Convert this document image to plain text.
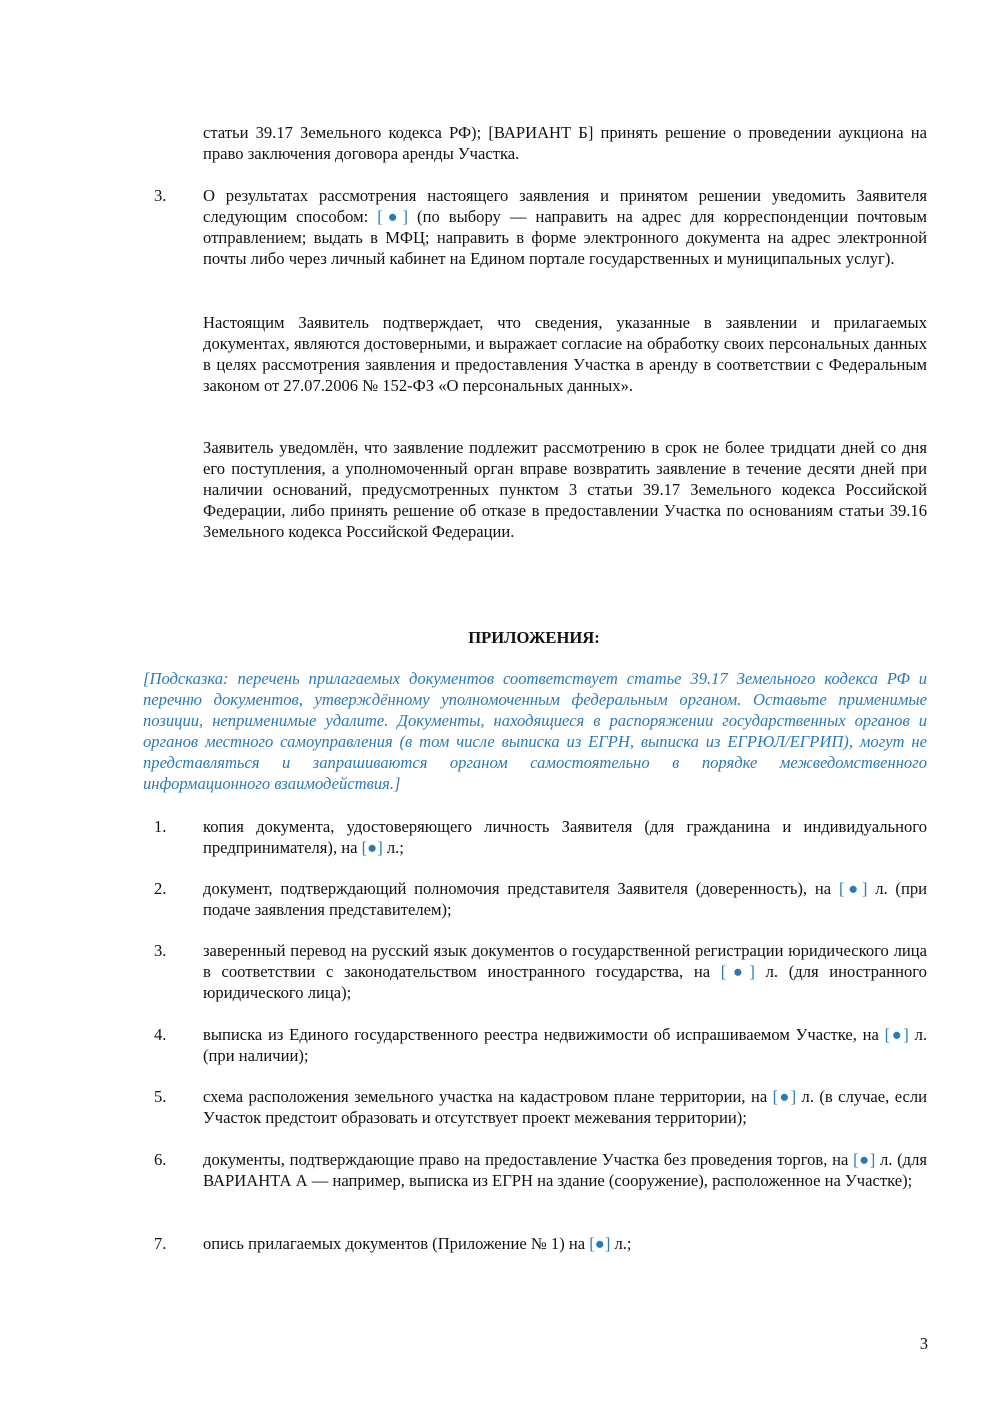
статьи 39.17 Земельного кодекса РФ); [ВАРИАНТ Б] принять решение о проведении аукциона на право заключения договора аренды Участка.

3.	О результатах рассмотрения настоящего заявления и принятом решении уведомить Заявителя следующим способом: [●] (по выбору — направить на адрес для корреспонденции почтовым отправлением; выдать в МФЦ; направить в форме электронного документа на адрес электронной почты либо через личный кабинет на Едином портале государственных и муниципальных услуг).

Настоящим Заявитель подтверждает, что сведения, указанные в заявлении и прилагаемых документах, являются достоверными, и выражает согласие на обработку своих персональных данных в целях рассмотрения заявления и предоставления Участка в аренду в соответствии с Федеральным законом от 27.07.2006 № 152-ФЗ «О персональных данных».

Заявитель уведомлён, что заявление подлежит рассмотрению в срок не более тридцати дней со дня его поступления, а уполномоченный орган вправе возвратить заявление в течение десяти дней при наличии оснований, предусмотренных пунктом 3 статьи 39.17 Земельного кодекса Российской Федерации, либо принять решение об отказе в предоставлении Участка по основаниям статьи 39.16 Земельного кодекса Российской Федерации.

ПРИЛОЖЕНИЯ:

[Подсказка: перечень прилагаемых документов соответствует статье 39.17 Земельного кодекса РФ и перечню документов, утверждённому уполномоченным федеральным органом. Оставьте применимые позиции, неприменимые удалите. Документы, находящиеся в распоряжении государственных органов и органов местного самоуправления (в том числе выписка из ЕГРН, выписка из ЕГРЮЛ/ЕГРИП), могут не представляться и запрашиваются органом самостоятельно в порядке межведомственного информационного взаимодействия.]

1.	копия документа, удостоверяющего личность Заявителя (для гражданина и индивидуального предпринимателя), на [●] л.;

2.	документ, подтверждающий полномочия представителя Заявителя (доверенность), на [●] л. (при подаче заявления представителем);

3.	заверенный перевод на русский язык документов о государственной регистрации юридического лица в соответствии с законодательством иностранного государства, на [●] л. (для иностранного юридического лица);

4.	выписка из Единого государственного реестра недвижимости об испрашиваемом Участке, на [●] л. (при наличии);

5.	схема расположения земельного участка на кадастровом плане территории, на [●] л. (в случае, если Участок предстоит образовать и отсутствует проект межевания территории);

6.	документы, подтверждающие право на предоставление Участка без проведения торгов, на [●] л. (для ВАРИАНТА А — например, выписка из ЕГРН на здание (сооружение), расположенное на Участке);

7.	опись прилагаемых документов (Приложение № 1) на [●] л.;

3
